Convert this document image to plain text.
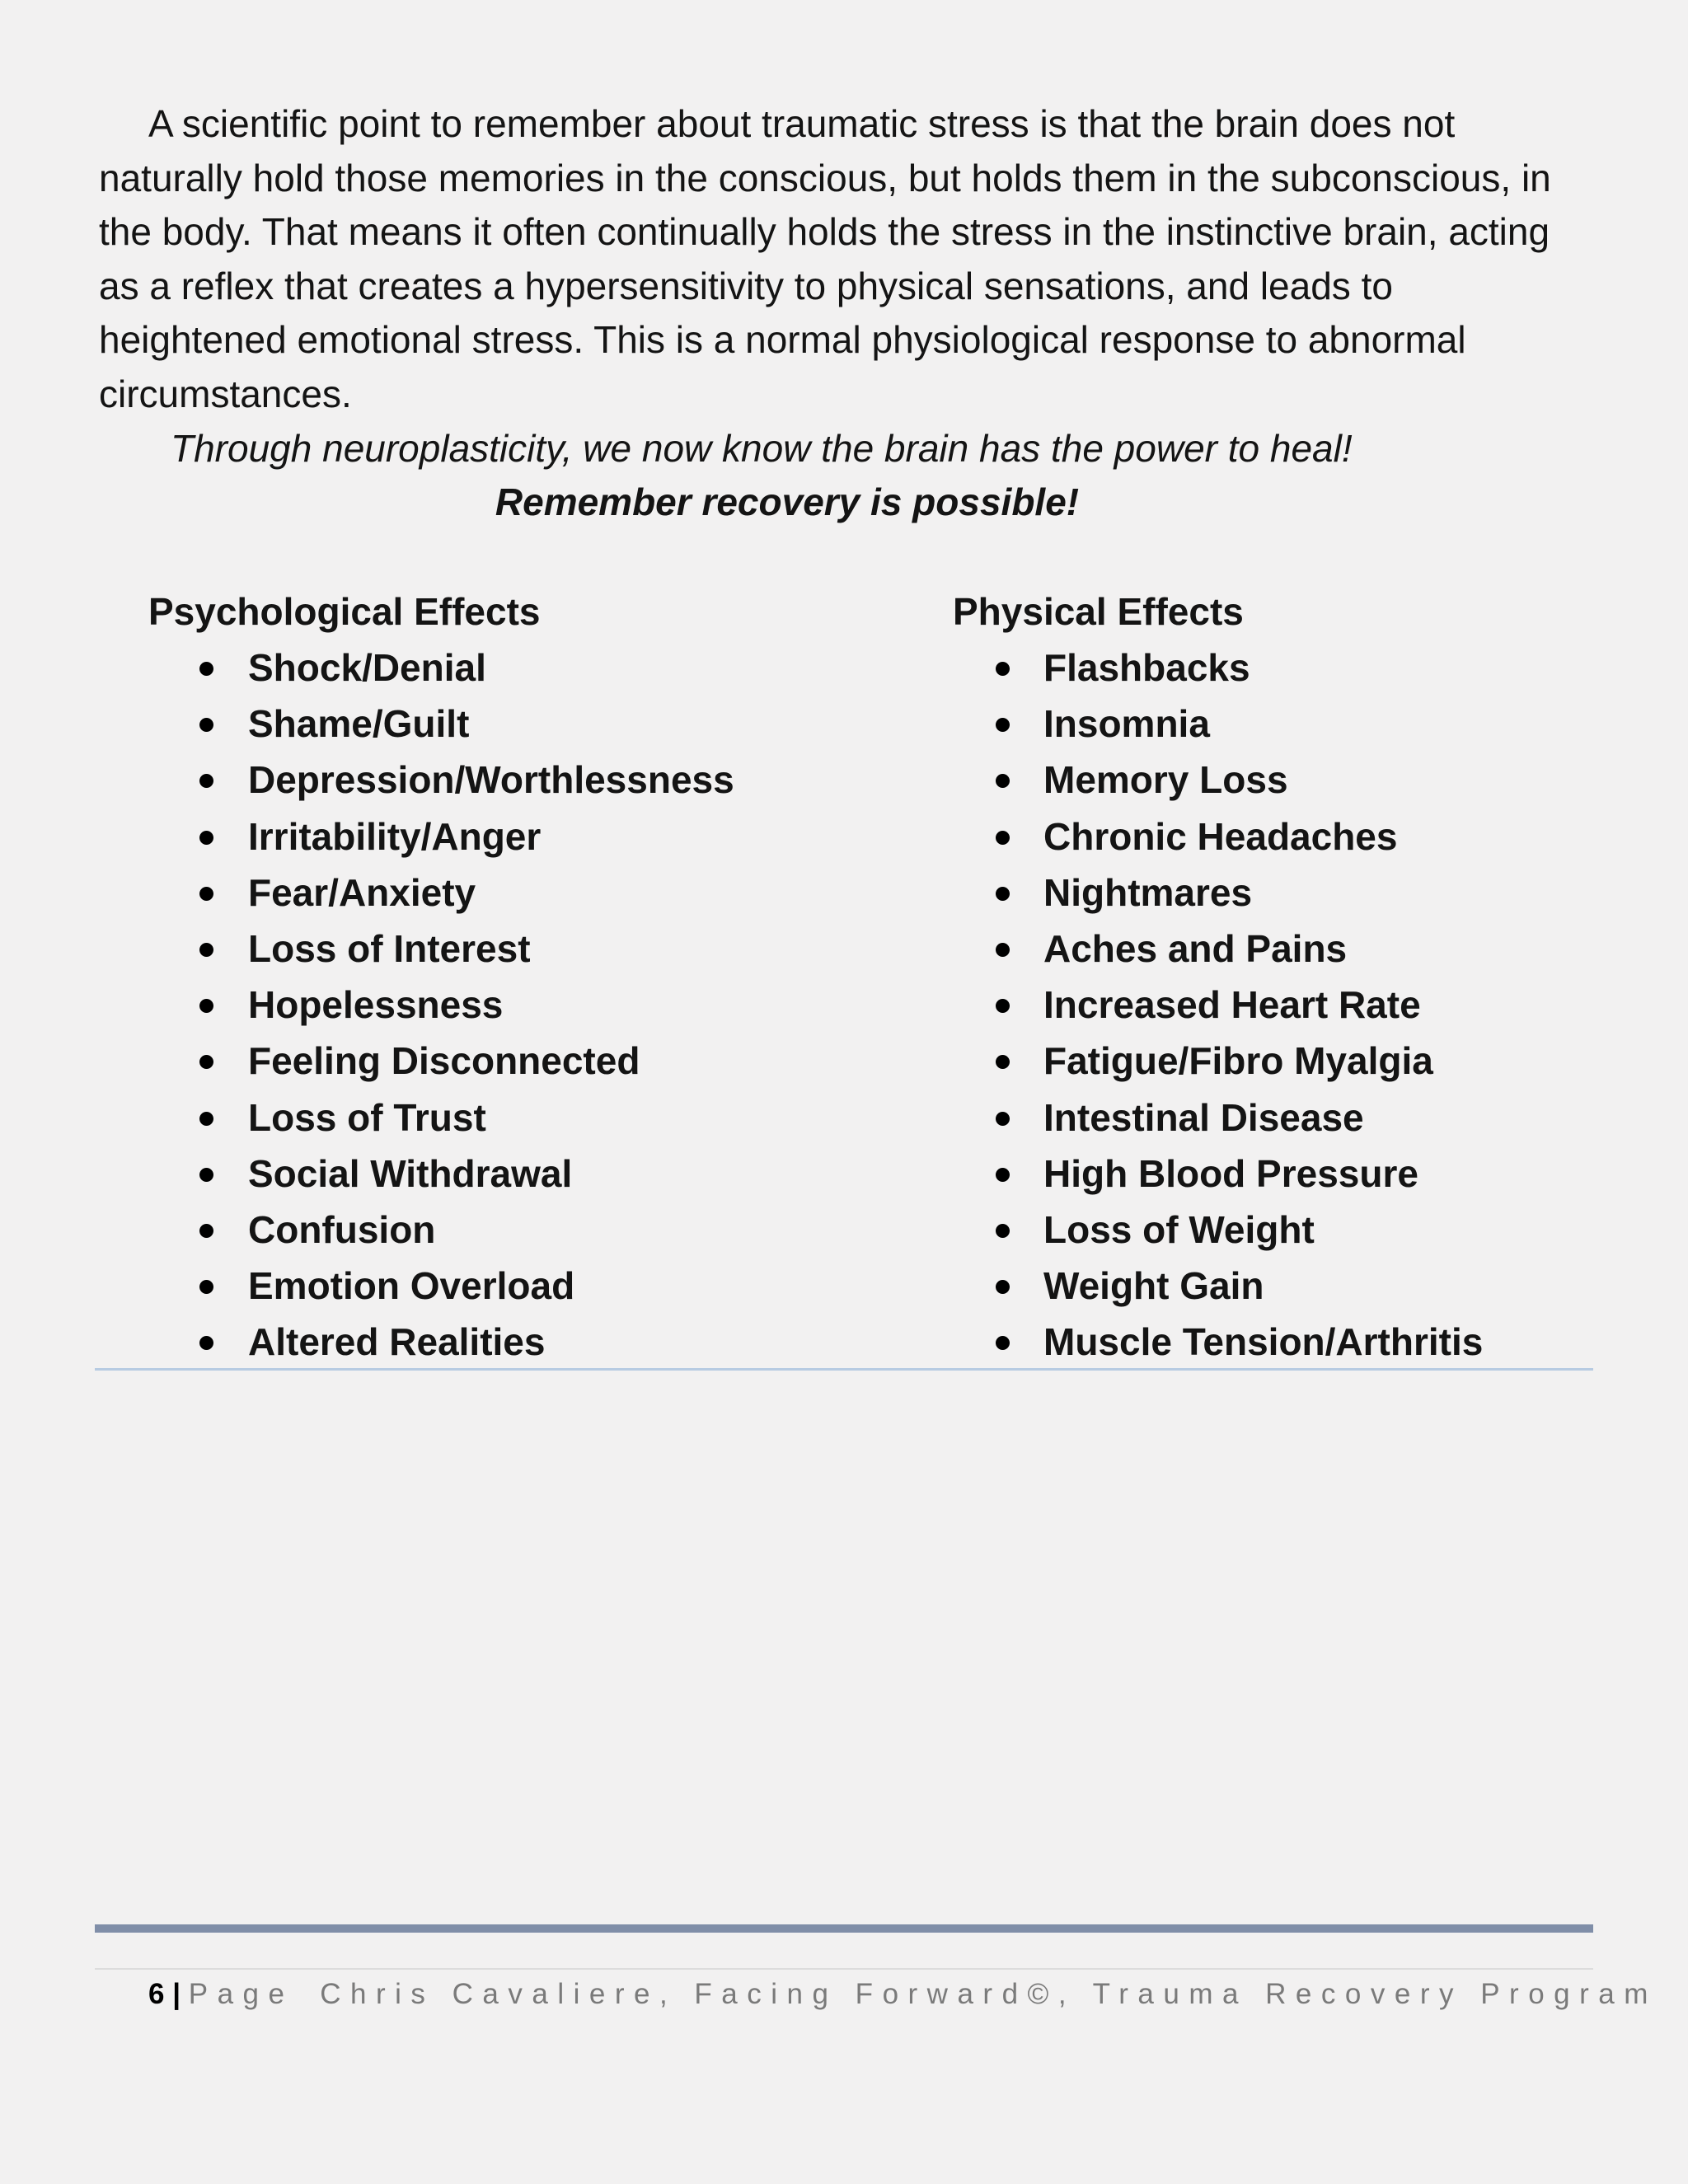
A scientific point to remember about traumatic stress is that the brain does not naturally hold those memories in the conscious, but holds them in the subconscious, in the body. That means it often continually holds the stress in the instinctive brain, acting as a reflex that creates a hypersensitivity to physical sensations, and leads to heightened emotional stress. This is a normal physiological response to abnormal circumstances.

Through neuroplasticity, we now know the brain has the power to heal!

Remember recovery is possible!

Psychological Effects
Shock/Denial
Shame/Guilt
Depression/Worthlessness
Irritability/Anger
Fear/Anxiety
Loss of Interest
Hopelessness
Feeling Disconnected
Loss of Trust
Social Withdrawal
Confusion
Emotion Overload
Altered Realities
Physical Effects
Flashbacks
Insomnia
Memory Loss
Chronic Headaches
Nightmares
Aches and Pains
Increased Heart Rate
Fatigue/Fibro Myalgia
Intestinal Disease
High Blood Pressure
Loss of Weight
Weight Gain
Muscle Tension/Arthritis
6 | Page Chris Cavaliere, Facing Forward©, Trauma Recovery Program
